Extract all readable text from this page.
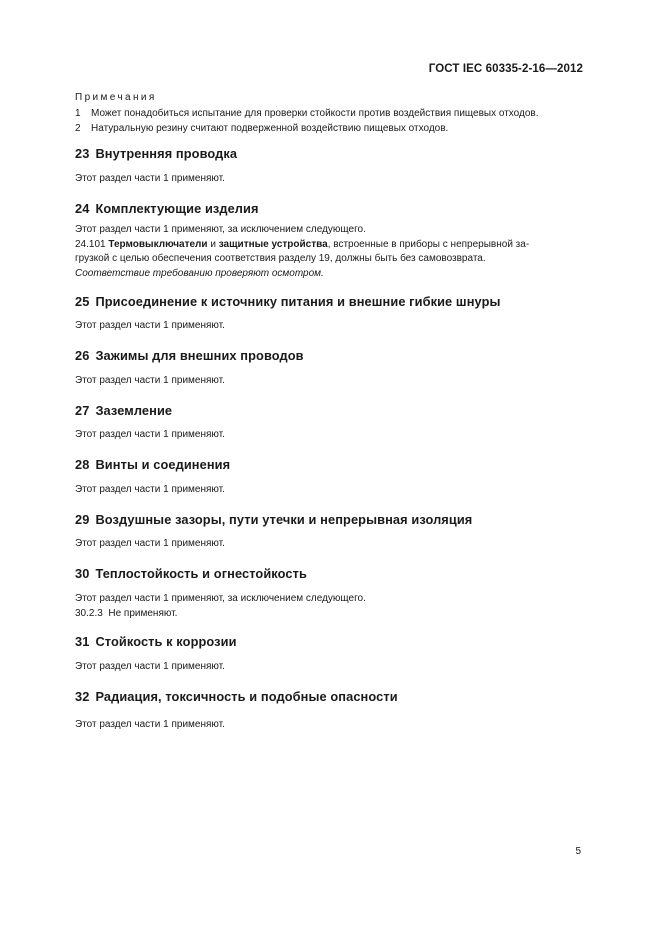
ГОСТ IEC 60335-2-16—2012

Примечания

1 Может понадобиться испытание для проверки стойкости против воздействия пищевых отходов.

2 Натуральную резину считают подверженной воздействию пищевых отходов.

23 Внутренняя проводка

Этот раздел части 1 применяют.

24 Комплектующие изделия

Этот раздел части 1 применяют, за исключением следующего.

24.101 Термовыключатели и защитные устройства, встроенные в приборы с непрерывной за-

грузкой с целью обеспечения соответствия разделу 19, должны быть без самовозврата.

Соответствие требованию проверяют осмотром.

25 Присоединение к источнику питания и внешние гибкие шнуры

Этот раздел части 1 применяют.

26 Зажимы для внешних проводов

Этот раздел части 1 применяют.

27 Заземление

Этот раздел части 1 применяют.

28 Винты и соединения

Этот раздел части 1 применяют.

29 Воздушные зазоры, пути утечки и непрерывная изоляция

Этот раздел части 1 применяют.

30 Теплостойкость и огнестойкость

Этот раздел части 1 применяют, за исключением следующего.

30.2.3 Не применяют.

31 Стойкость к коррозии

Этот раздел части 1 применяют.

32 Радиация, токсичность и подобные опасности

Этот раздел части 1 применяют.

5
